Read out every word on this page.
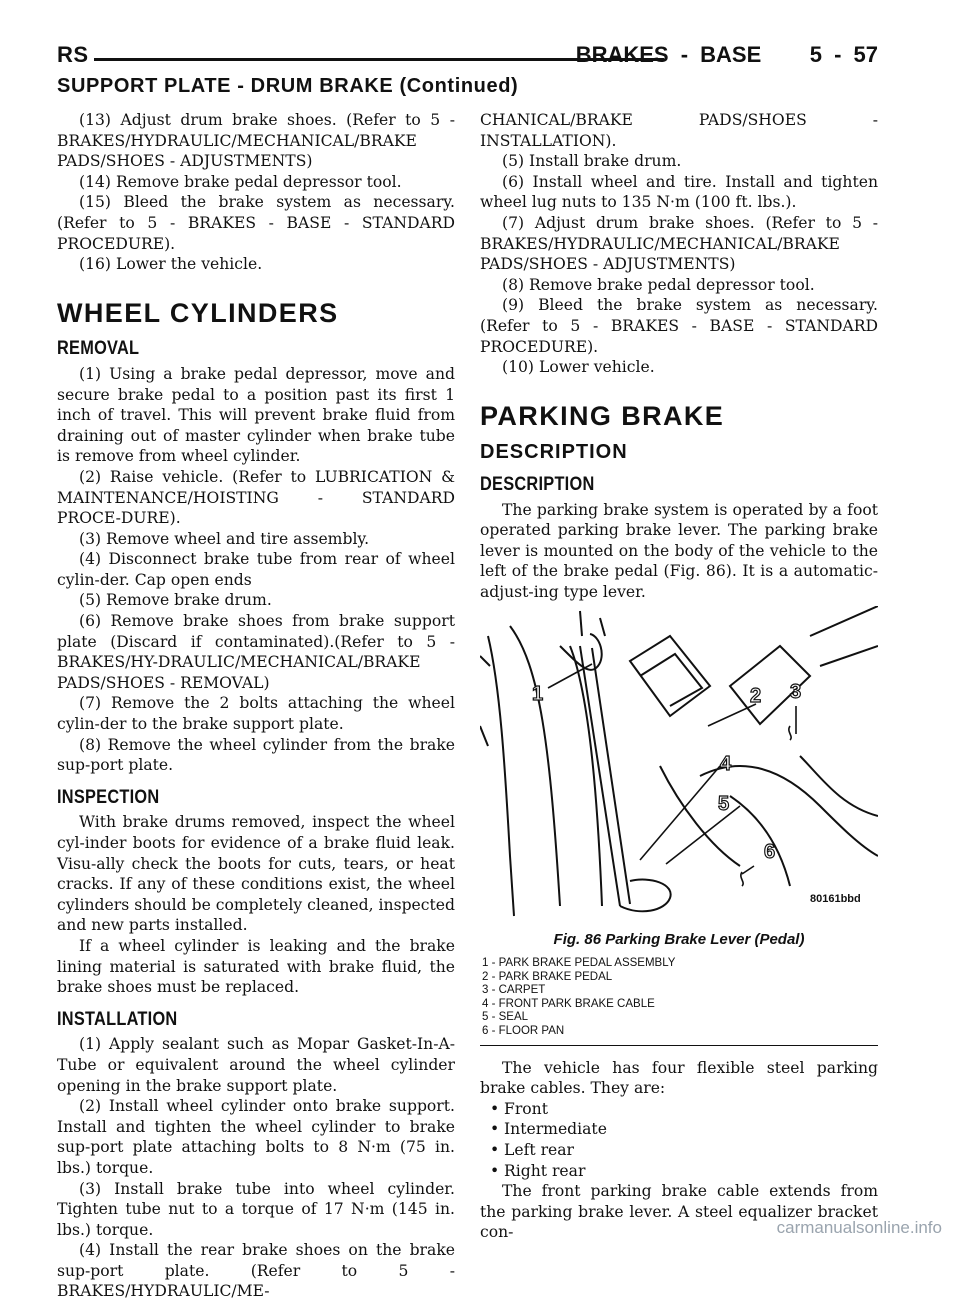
RS	BRAKES - BASE 5 - 57
SUPPORT PLATE - DRUM BRAKE (Continued)

(13) Adjust drum brake shoes. (Refer to 5 - BRAKES/HYDRAULIC/MECHANICAL/BRAKE PADS/SHOES - ADJUSTMENTS)

(14) Remove brake pedal depressor tool.

(15) Bleed the brake system as necessary. (Refer to 5 - BRAKES - BASE - STANDARD PROCEDURE).

(16) Lower the vehicle.

WHEEL CYLINDERS
REMOVAL

(1) Using a brake pedal depressor, move and secure brake pedal to a position past its first 1 inch of travel. This will prevent brake fluid from draining out of master cylinder when brake tube is remove from wheel cylinder.

(2) Raise vehicle. (Refer to LUBRICATION & MAINTENANCE/HOISTING - STANDARD PROCE-DURE).

(3) Remove wheel and tire assembly.

(4) Disconnect brake tube from rear of wheel cylin-der. Cap open ends

(5) Remove brake drum.

(6) Remove brake shoes from brake support plate (Discard if contaminated).(Refer to 5 - BRAKES/HY-DRAULIC/MECHANICAL/BRAKE PADS/SHOES - REMOVAL)

(7) Remove the 2 bolts attaching the wheel cylin-der to the brake support plate.

(8) Remove the wheel cylinder from the brake sup-port plate.

INSPECTION

With brake drums removed, inspect the wheel cyl-inder boots for evidence of a brake fluid leak. Visu-ally check the boots for cuts, tears, or heat cracks. If any of these conditions exist, the wheel cylinders should be completely cleaned, inspected and new parts installed.

If a wheel cylinder is leaking and the brake lining material is saturated with brake fluid, the brake shoes must be replaced.

INSTALLATION

(1) Apply sealant such as Mopar Gasket-In-A-Tube or equivalent around the wheel cylinder opening in the brake support plate.

(2) Install wheel cylinder onto brake support. Install and tighten the wheel cylinder to brake sup-port plate attaching bolts to 8 N·m (75 in. lbs.) torque.

(3) Install brake tube into wheel cylinder. Tighten tube nut to a torque of 17 N·m (145 in. lbs.) torque.

(4) Install the rear brake shoes on the brake sup-port plate. (Refer to 5 - BRAKES/HYDRAULIC/ME-

CHANICAL/BRAKE PADS/SHOES - INSTALLATION).

(5) Install brake drum.

(6) Install wheel and tire. Install and tighten wheel lug nuts to 135 N·m (100 ft. lbs.).

(7) Adjust drum brake shoes. (Refer to 5 - BRAKES/HYDRAULIC/MECHANICAL/BRAKE PADS/SHOES - ADJUSTMENTS)

(8) Remove brake pedal depressor tool.

(9) Bleed the brake system as necessary. (Refer to 5 - BRAKES - BASE - STANDARD PROCEDURE).

(10) Lower vehicle.

PARKING BRAKE
DESCRIPTION
DESCRIPTION

The parking brake system is operated by a foot operated parking brake lever. The parking brake lever is mounted on the body of the vehicle to the left of the brake pedal (Fig. 86). It is a automatic-adjust-ing type lever.

1	2 3
4
5
6
80161bbd
Fig. 86 Parking Brake Lever (Pedal)
1 - PARK BRAKE PEDAL ASSEMBLY
2 - PARK BRAKE PEDAL
3 - CARPET
4 - FRONT PARK BRAKE CABLE
5 - SEAL
6 - FLOOR PAN

The vehicle has four flexible steel parking brake cables. They are:

• Front

• Intermediate

• Left rear

• Right rear

The front parking brake cable extends from the parking brake lever. A steel equalizer bracket con-	carmanualsonline.info
